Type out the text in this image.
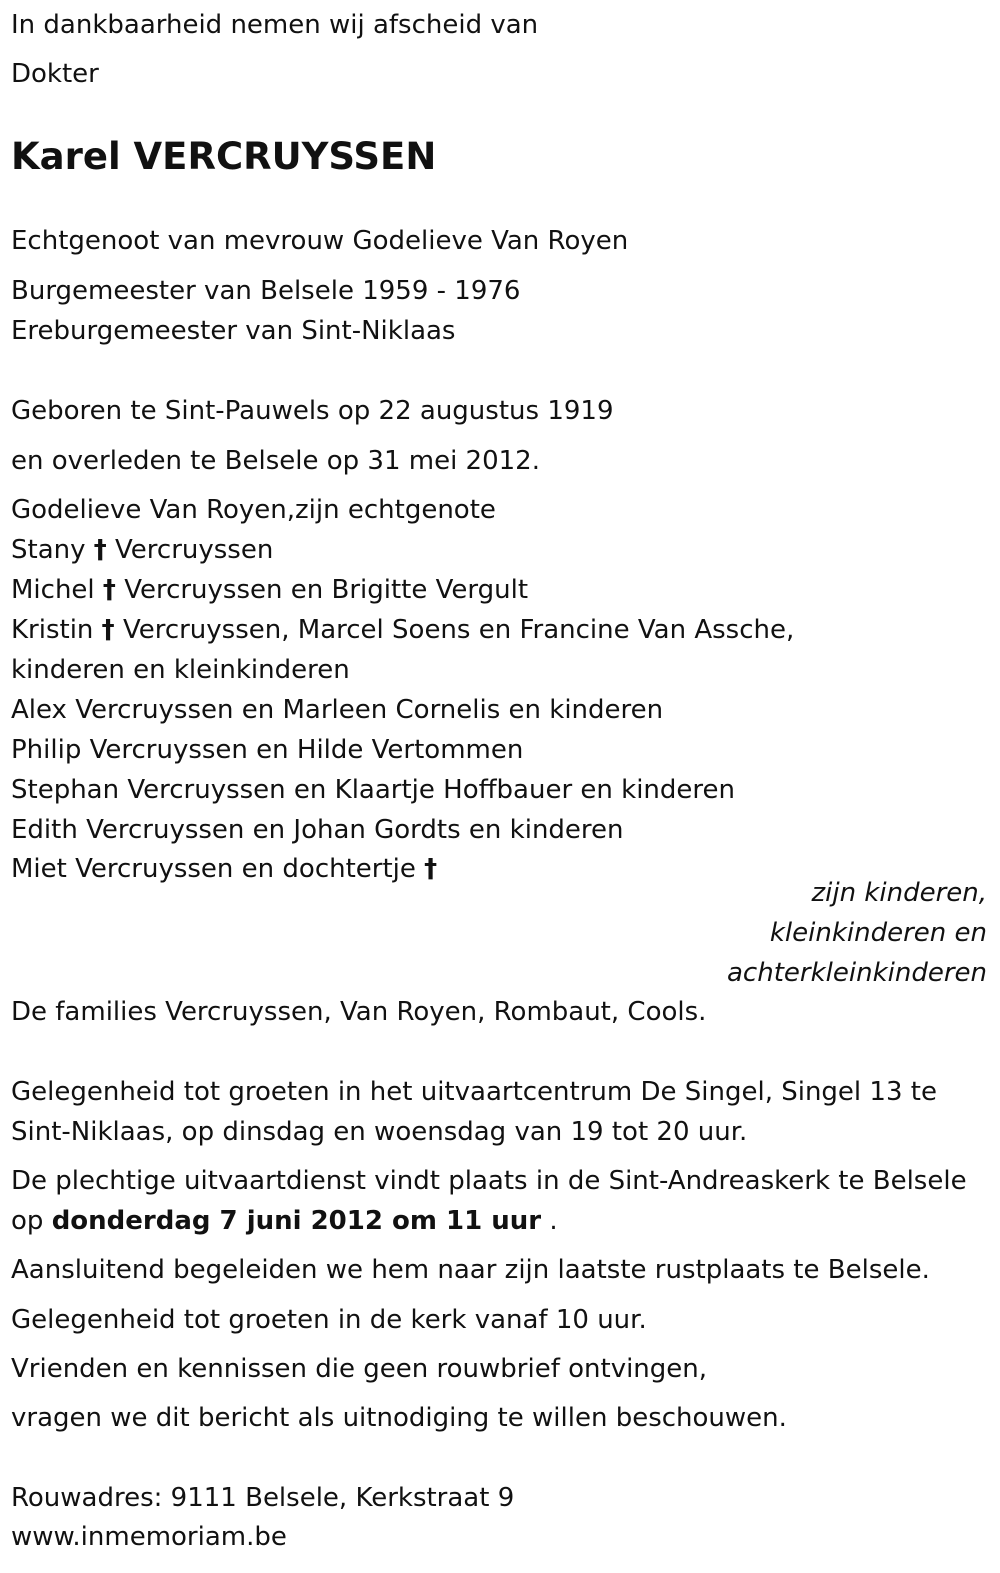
In dankbaarheid nemen wij afscheid van
Dokter
Karel VERCRUYSSEN
Echtgenoot van mevrouw Godelieve Van Royen
Burgemeester van Belsele 1959 - 1976
Ereburgemeester van Sint-Niklaas
Geboren te Sint-Pauwels op 22 augustus 1919
en overleden te Belsele op 31 mei 2012.
Godelieve Van Royen,zijn echtgenote
Stany † Vercruyssen
Michel † Vercruyssen en Brigitte Vergult
Kristin † Vercruyssen, Marcel Soens en Francine Van Assche,
kinderen en kleinkinderen
Alex Vercruyssen en Marleen Cornelis en kinderen
Philip Vercruyssen en Hilde Vertommen
Stephan Vercruyssen en Klaartje Hoffbauer en kinderen
Edith Vercruyssen en Johan Gordts en kinderen
Miet Vercruyssen en dochtertje †
zijn kinderen,
kleinkinderen en
achterkleinkinderen
De families Vercruyssen, Van Royen, Rombaut, Cools.
Gelegenheid tot groeten in het uitvaartcentrum De Singel, Singel 13 te
Sint-Niklaas, op dinsdag en woensdag van 19 tot 20 uur.
De plechtige uitvaartdienst vindt plaats in de Sint-Andreaskerk te Belsele
op donderdag 7 juni 2012 om 11 uur .
Aansluitend begeleiden we hem naar zijn laatste rustplaats te Belsele.
Gelegenheid tot groeten in de kerk vanaf 10 uur.
Vrienden en kennissen die geen rouwbrief ontvingen,
vragen we dit bericht als uitnodiging te willen beschouwen.
Rouwadres: 9111 Belsele, Kerkstraat 9
www.inmemoriam.be
